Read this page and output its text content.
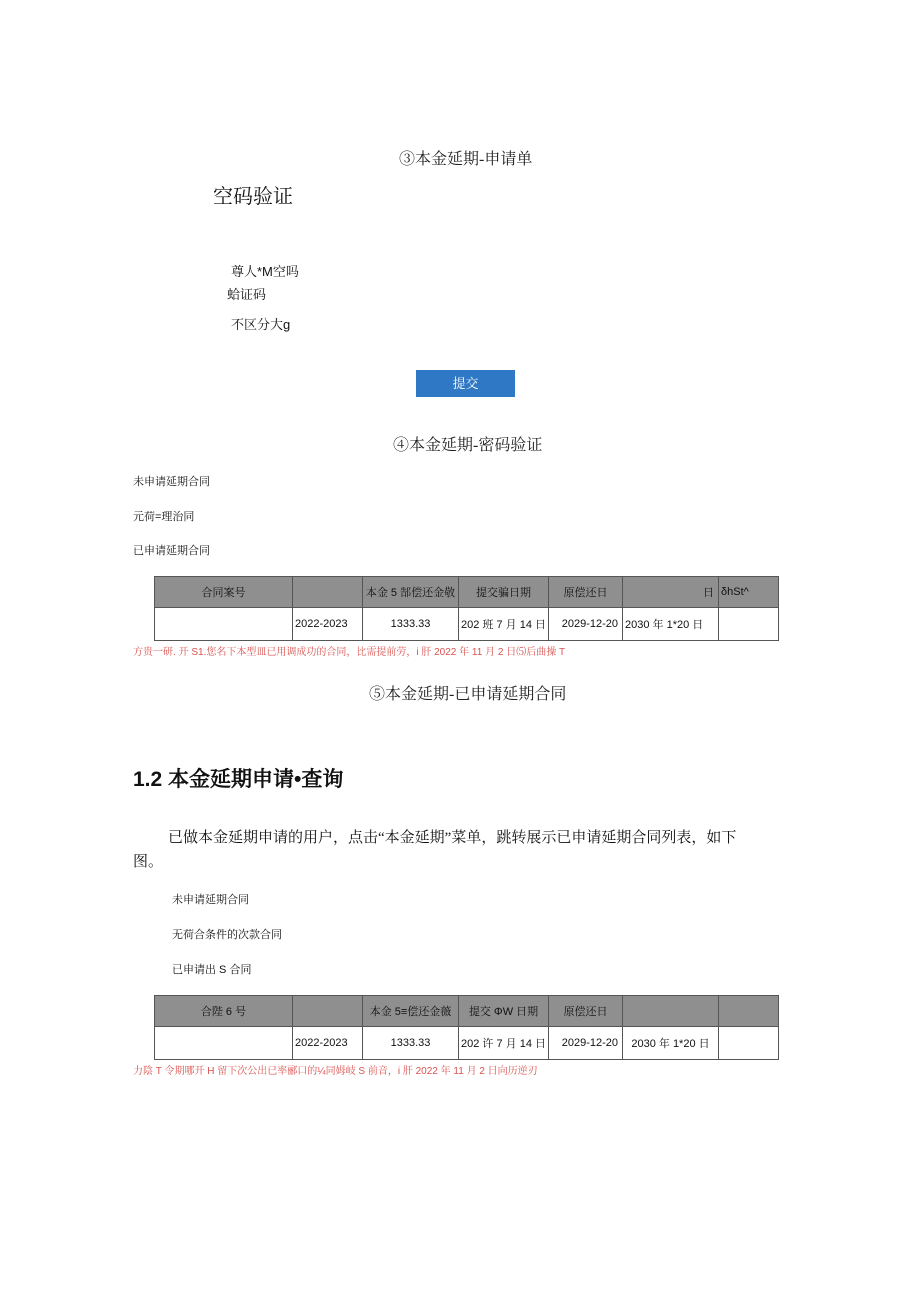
③本金延期-申请单
空码验证
尊人*M空吗
蛤证码
不区分大g
提交
④本金延期-密码验证
未申请延期合同
元荷=理治同
已申请延期合同
合同案号		本金 5 郜偿还金敬	提交骗日期	原偿还日	日	δhSt^
	2022-2023	1333.33	202 班 7 月 14 日	2029-12-20	2030 年 1*20 日	
方贵一研. 开 S1.您名下本型皿已用调成功的合同，比需提前劳，i 肝 2022 年 11 月 2 日⑸后曲操 T
⑤本金延期-已申请延期合同
1.2 本金延期申请•查询
已做本金延期申请的用户，点击“本金延期”菜单，跳转展示已申请延期合同列表，如下
图。
未申请延期合同
无荷合条件的次款合同
已申请出 S 合同
合陛 6 号		本金 5≡偿还金薇	提交 ΦW 日期	原偿还日		
	2022-2023	1333.33	202 许 7 月 14 日	2029-12-20	2030 年 1*20 日	
力陰 T 令期哪开 H 留下次公出已率郦口的¼同姆岐 S 前音，i 肝 2022 年 11 月 2 日向历逆刃
